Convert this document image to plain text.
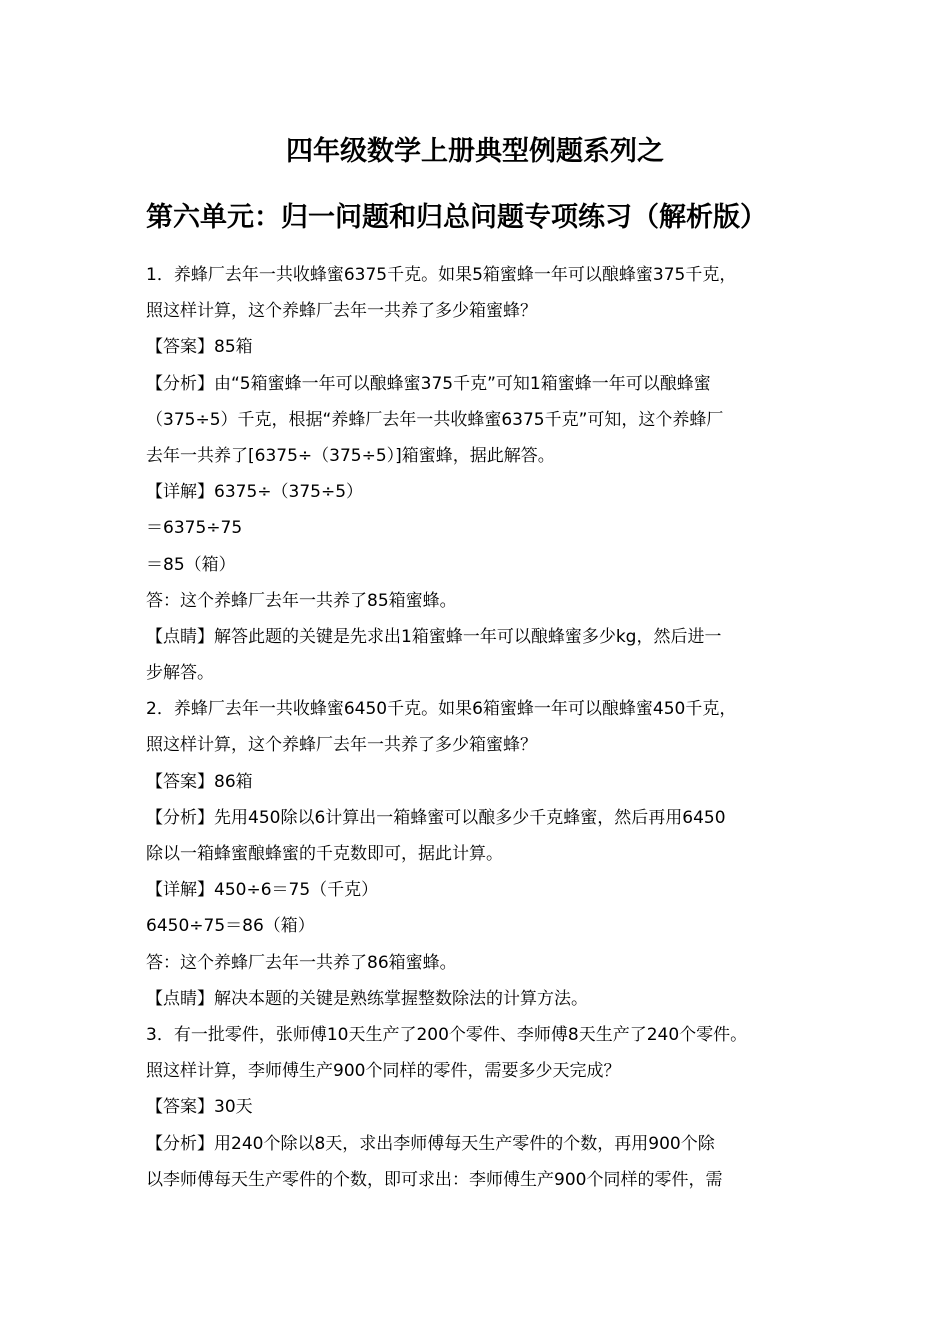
四年级数学上册典型例题系列之
第六单元：归一问题和归总问题专项练习（解析版）
1．养蜂厂去年一共收蜂蜜6375千克。如果5箱蜜蜂一年可以酿蜂蜜375千克，
照这样计算，这个养蜂厂去年一共养了多少箱蜜蜂？
【答案】85箱
【分析】由“5箱蜜蜂一年可以酿蜂蜜375千克”可知1箱蜜蜂一年可以酿蜂蜜
（375÷5）千克，根据“养蜂厂去年一共收蜂蜜6375千克”可知，这个养蜂厂
去年一共养了[6375÷（375÷5）]箱蜜蜂，据此解答。
【详解】6375÷（375÷5）
＝6375÷75
＝85（箱）
答：这个养蜂厂去年一共养了85箱蜜蜂。
【点睛】解答此题的关键是先求出1箱蜜蜂一年可以酿蜂蜜多少kg，然后进一
步解答。
2．养蜂厂去年一共收蜂蜜6450千克。如果6箱蜜蜂一年可以酿蜂蜜450千克，
照这样计算，这个养蜂厂去年一共养了多少箱蜜蜂？
【答案】86箱
【分析】先用450除以6计算出一箱蜂蜜可以酿多少千克蜂蜜，然后再用6450
除以一箱蜂蜜酿蜂蜜的千克数即可，据此计算。
【详解】450÷6＝75（千克）
6450÷75＝86（箱）
答：这个养蜂厂去年一共养了86箱蜜蜂。
【点睛】解决本题的关键是熟练掌握整数除法的计算方法。
3．有一批零件，张师傅10天生产了200个零件、李师傅8天生产了240个零件。
照这样计算，李师傅生产900个同样的零件，需要多少天完成？
【答案】30天
【分析】用240个除以8天，求出李师傅每天生产零件的个数，再用900个除
以李师傅每天生产零件的个数，即可求出：李师傅生产900个同样的零件，需
